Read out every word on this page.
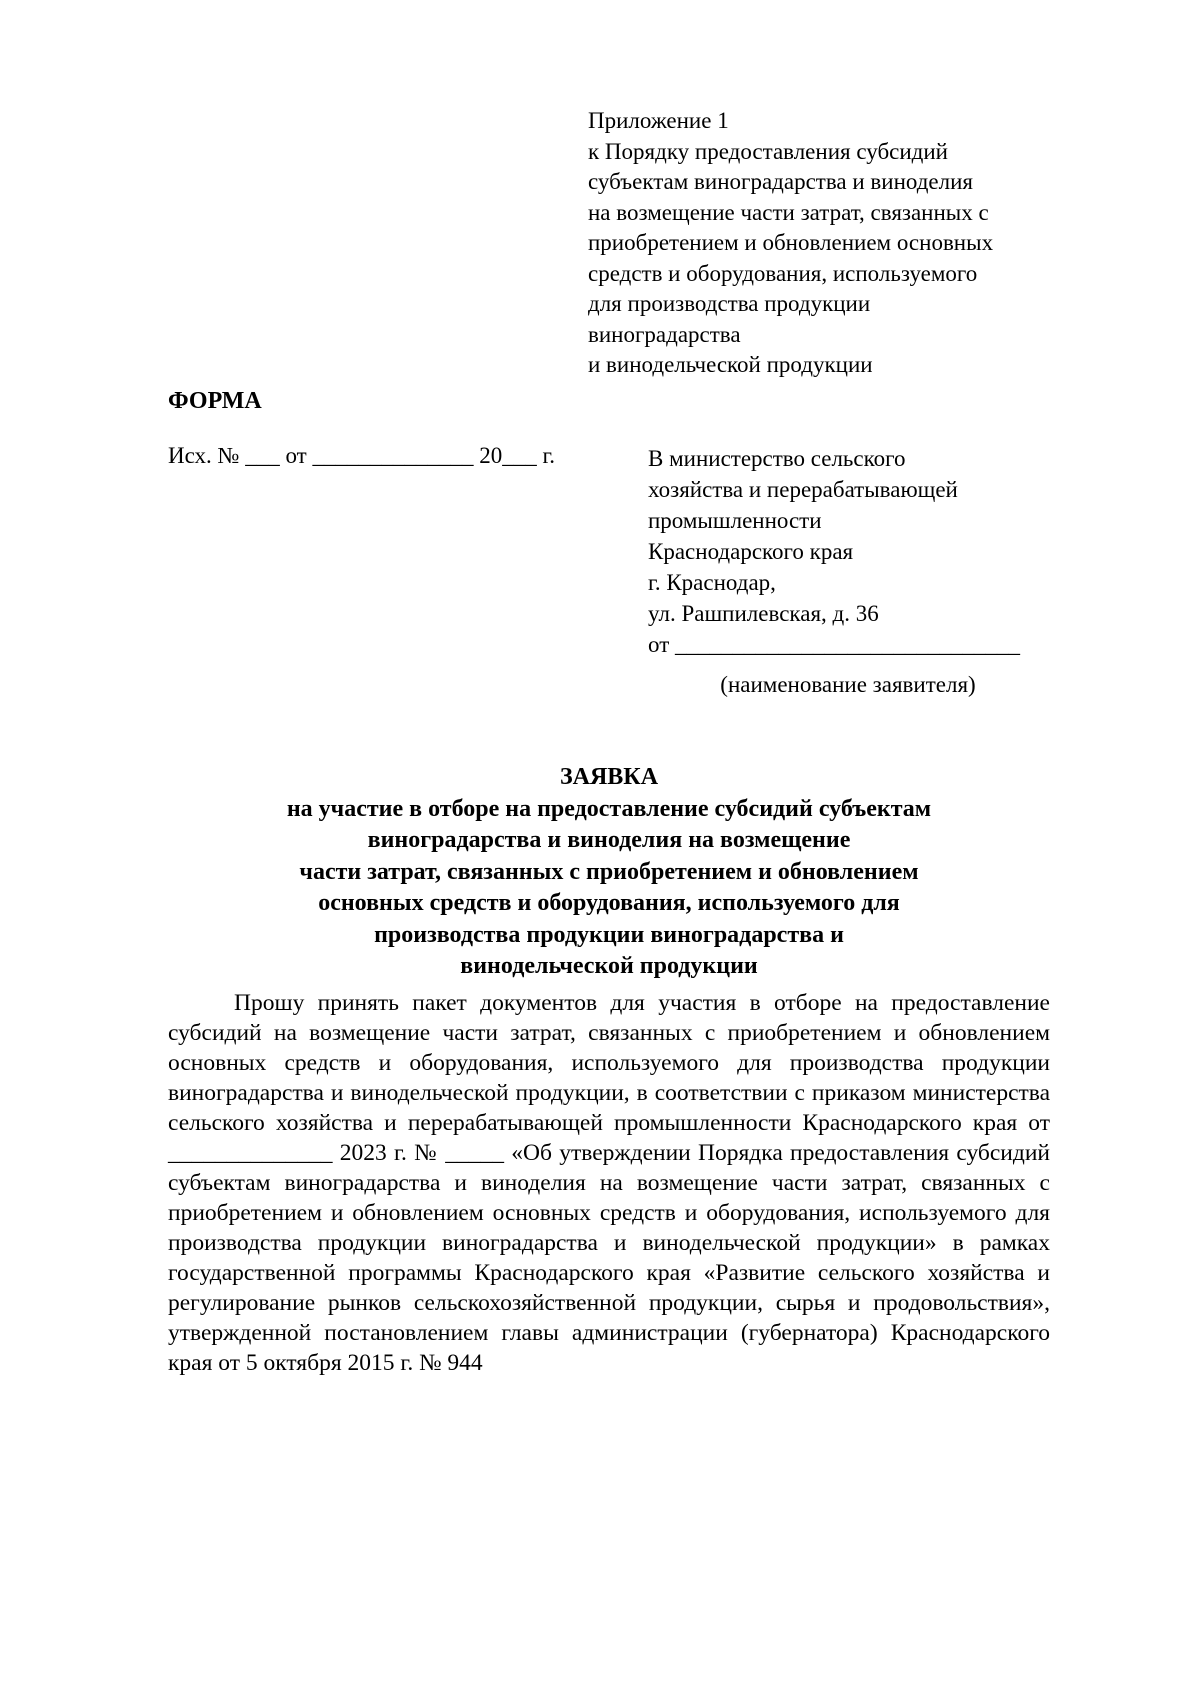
Приложение 1
к Порядку предоставления субсидий
субъектам виноградарства и виноделия
на возмещение части затрат, связанных с
приобретением и обновлением основных
средств и оборудования, используемого
для производства продукции
виноградарства
и винодельческой продукции
ФОРМА
Исх. № ___ от ______________ 20___ г.	В министерство сельского
хозяйства и перерабатывающей
промышленности
Краснодарского края
г. Краснодар,
ул. Рашпилевская, д. 36
от ______________________________
(наименование заявителя)
ЗАЯВКА
на участие в отборе на предоставление субсидий субъектам
виноградарства и виноделия на возмещение
части затрат, связанных с приобретением и обновлением
основных средств и оборудования, используемого для
производства продукции виноградарства и
винодельческой продукции
Прошу принять пакет документов для участия в отборе на предоставление субсидий на возмещение части затрат, связанных с приобретением и обновлением основных средств и оборудования, используемого для производства продукции виноградарства и винодельческой продукции, в соответствии с приказом министерства сельского хозяйства и перерабатывающей промышленности Краснодарского края от ______________ 2023 г. № _____ «Об утверждении Порядка предоставления субсидий субъектам виноградарства и виноделия на возмещение части затрат, связанных с приобретением и обновлением основных средств и оборудования, используемого для производства продукции виноградарства и винодельческой продукции» в рамках государственной программы Краснодарского края «Развитие сельского хозяйства и регулирование рынков сельскохозяйственной продукции, сырья и продовольствия», утвержденной постановлением главы администрации (губернатора) Краснодарского края от 5 октября 2015 г. № 944
